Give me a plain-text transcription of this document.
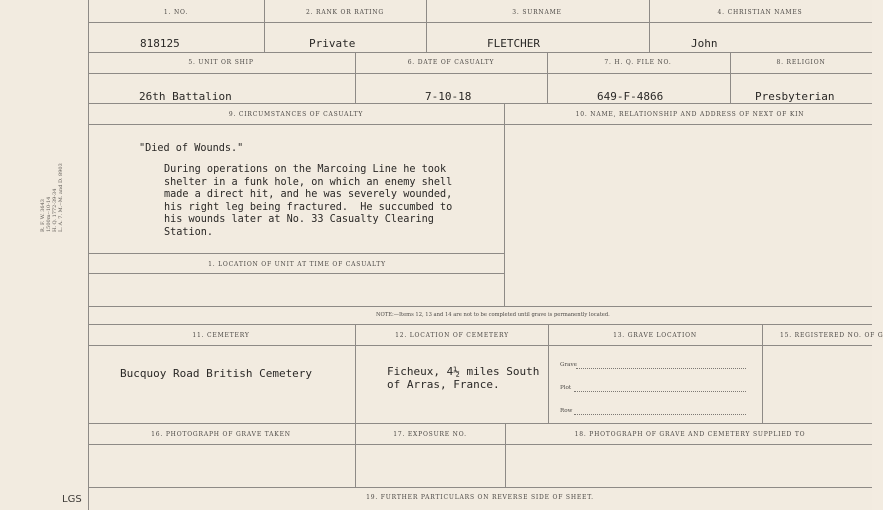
1. NO.	2. RANK OR RATING	3. SURNAME	4. CHRISTIAN NAMES
818125	Private	FLETCHER	John
5. UNIT OR SHIP	6. DATE OF CASUALTY	7. H. Q. FILE NO.	8. RELIGION
26th Battalion	7-10-18	649-F-4866	Presbyterian
9. CIRCUMSTANCES OF CASUALTY	10. NAME, RELATIONSHIP AND ADDRESS OF NEXT OF KIN
"Died of Wounds."
During operations on the Marcoing Line he took
shelter in a funk hole, on which an enemy shell
made a direct hit, and he was severely wounded,
his right leg being fractured.  He succumbed to
his wounds later at No. 33 Casualty Clearing
Station.
1. LOCATION OF UNIT AT TIME OF CASUALTY
NOTE:—Items 12, 13 and 14 are not to be completed until grave is permanently located.
11. CEMETERY	12. LOCATION OF CEMETERY	13. GRAVE LOCATION	15. REGISTERED NO. OF G
Bucquoy Road British Cemetery	Ficheux, 4½ miles South
of Arras, France.
Grave
Plot
Row
16. PHOTOGRAPH OF GRAVE TAKEN	17. EXPOSURE NO.	18. PHOTOGRAPH OF GRAVE AND CEMETERY SUPPLIED TO
19. FURTHER PARTICULARS ON REVERSE SIDE OF SHEET.
R. F. W. 3643 1500m--10-14 H. Q. 1772-39-34 L. A. 7. M.--M. and D. 8903
LGS
